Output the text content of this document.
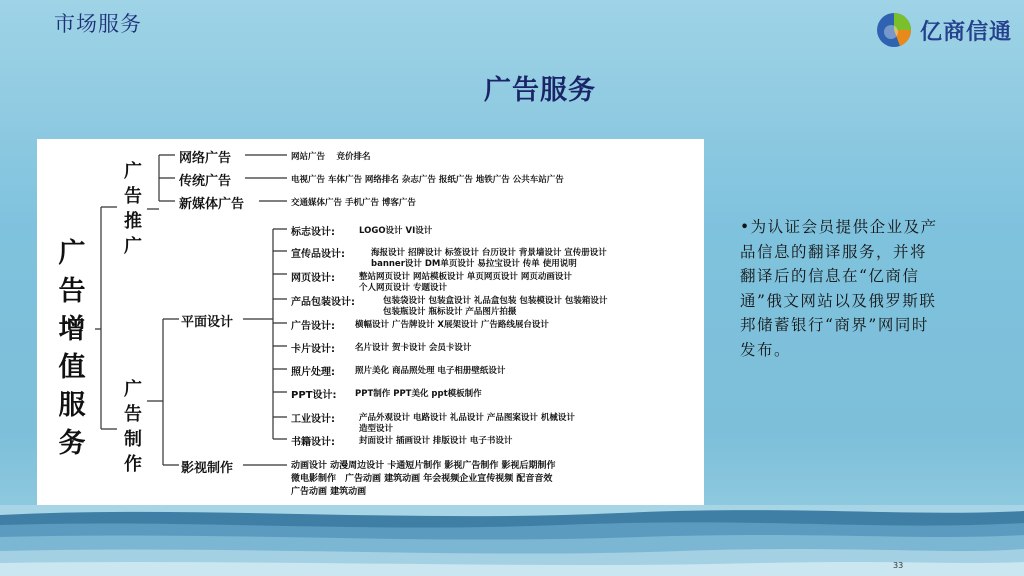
市场服务	亿商信通
广告服务
广告增值服务
广告推广
广告制作
网络广告	网站广告　 竞价排名
传统广告	电视广告 车体广告 网络排名 杂志广告 报纸广告 地铁广告 公共车站广告
新媒体广告	交通媒体广告 手机广告 博客广告
平面设计
标志设计:	LOGO设计 VI设计
宣传品设计:	海报设计 招牌设计 标签设计 台历设计 背景墙设计 宣传册设计
banner设计 DM单页设计 易拉宝设计 传单 使用说明
网页设计:	整站网页设计 网站模板设计 单页网页设计 网页动画设计
个人网页设计 专题设计
产品包装设计:	包装袋设计 包装盒设计 礼品盒包装 包装模设计 包装箱设计
包装瓶设计 瓶标设计 产品图片拍摄
广告设计: 横幅设计 广告牌设计 X展架设计 广告路线展台设计
卡片设计: 名片设计 贺卡设计 会员卡设计
照片处理: 照片美化 商品照处理 电子相册壁纸设计
PPT设计: PPT制作 PPT美化 ppt模板制作
工业设计:	产品外观设计 电路设计 礼品设计 产品图案设计 机械设计
造型设计
书籍设计:	封面设计 插画设计 排版设计 电子书设计
影视制作	动画设计 动漫周边设计 卡通短片制作 影视广告制作 影视后期制作
微电影制作　广告动画 建筑动画 年会视频企业宣传视频 配音音效
广告动画 建筑动画
•为认证会员提供企业及产品信息的翻译服务，并将翻译后的信息在“亿商信通”俄文网站以及俄罗斯联邦储蓄银行“商界”网同时发布。
33
